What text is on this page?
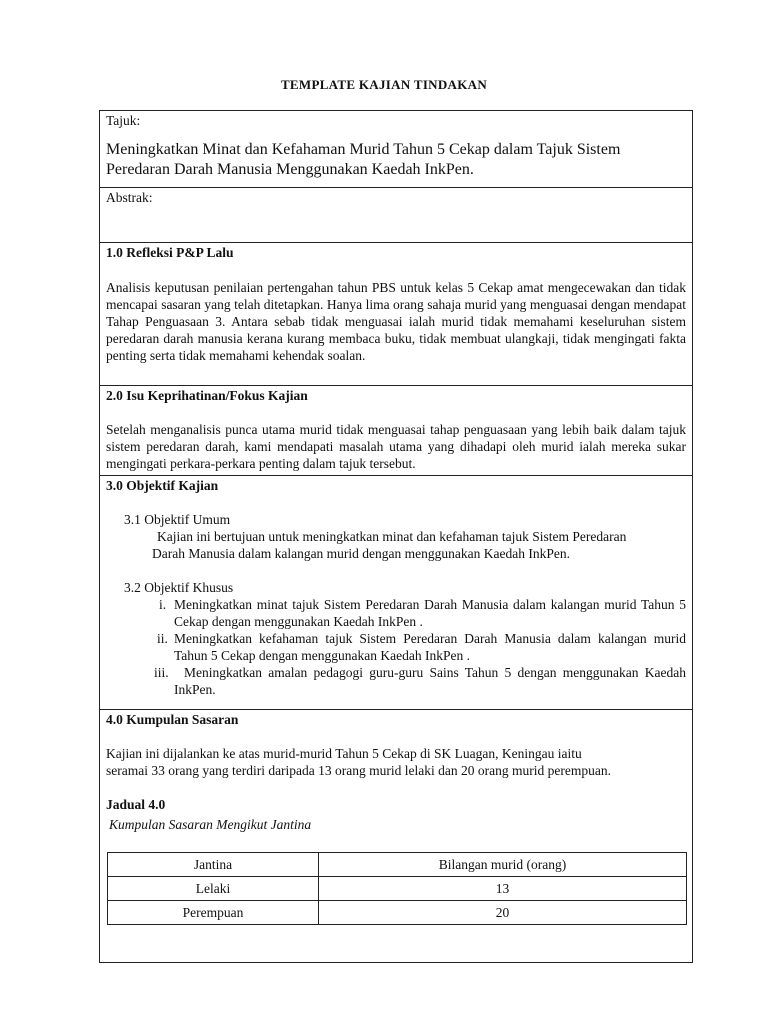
TEMPLATE KAJIAN TINDAKAN
Tajuk:
Meningkatkan Minat dan Kefahaman Murid Tahun 5 Cekap dalam Tajuk Sistem
Peredaran Darah Manusia Menggunakan Kaedah InkPen.
Abstrak:
1.0 Refleksi P&P Lalu
Analisis keputusan penilaian pertengahan tahun PBS untuk kelas 5 Cekap amat mengecewakan dan tidak mencapai sasaran yang telah ditetapkan. Hanya lima orang sahaja murid yang menguasai dengan mendapat Tahap Penguasaan 3. Antara sebab tidak menguasai ialah murid tidak memahami keseluruhan sistem peredaran darah manusia kerana kurang membaca buku, tidak membuat ulangkaji, tidak mengingati fakta penting serta tidak memahami kehendak soalan.
2.0 Isu Keprihatinan/Fokus Kajian
Setelah menganalisis punca utama murid tidak menguasai tahap penguasaan yang lebih baik dalam tajuk sistem peredaran darah, kami mendapati masalah utama yang dihadapi oleh murid ialah mereka sukar mengingati perkara-perkara penting dalam tajuk tersebut.
3.0 Objektif Kajian
3.1 Objektif Umum
Kajian ini bertujuan untuk meningkatkan minat dan kefahaman tajuk Sistem Peredaran
Darah Manusia dalam kalangan murid dengan menggunakan Kaedah InkPen.
3.2 Objektif Khusus
i. Meningkatkan minat tajuk Sistem Peredaran Darah Manusia dalam kalangan murid Tahun 5 Cekap dengan menggunakan Kaedah InkPen .
ii. Meningkatkan kefahaman tajuk Sistem Peredaran Darah Manusia dalam kalangan murid Tahun 5 Cekap dengan menggunakan Kaedah InkPen .
iii.	Meningkatkan amalan pedagogi guru-guru Sains Tahun 5 dengan menggunakan Kaedah InkPen.
4.0 Kumpulan Sasaran
Kajian ini dijalankan ke atas murid-murid Tahun 5 Cekap di SK Luagan, Keningau iaitu
seramai 33 orang yang terdiri daripada 13 orang murid lelaki dan 20 orang murid perempuan.
Jadual 4.0
Kumpulan Sasaran Mengikut Jantina
Jantina	Bilangan murid (orang)
Lelaki	13
Perempuan	20
